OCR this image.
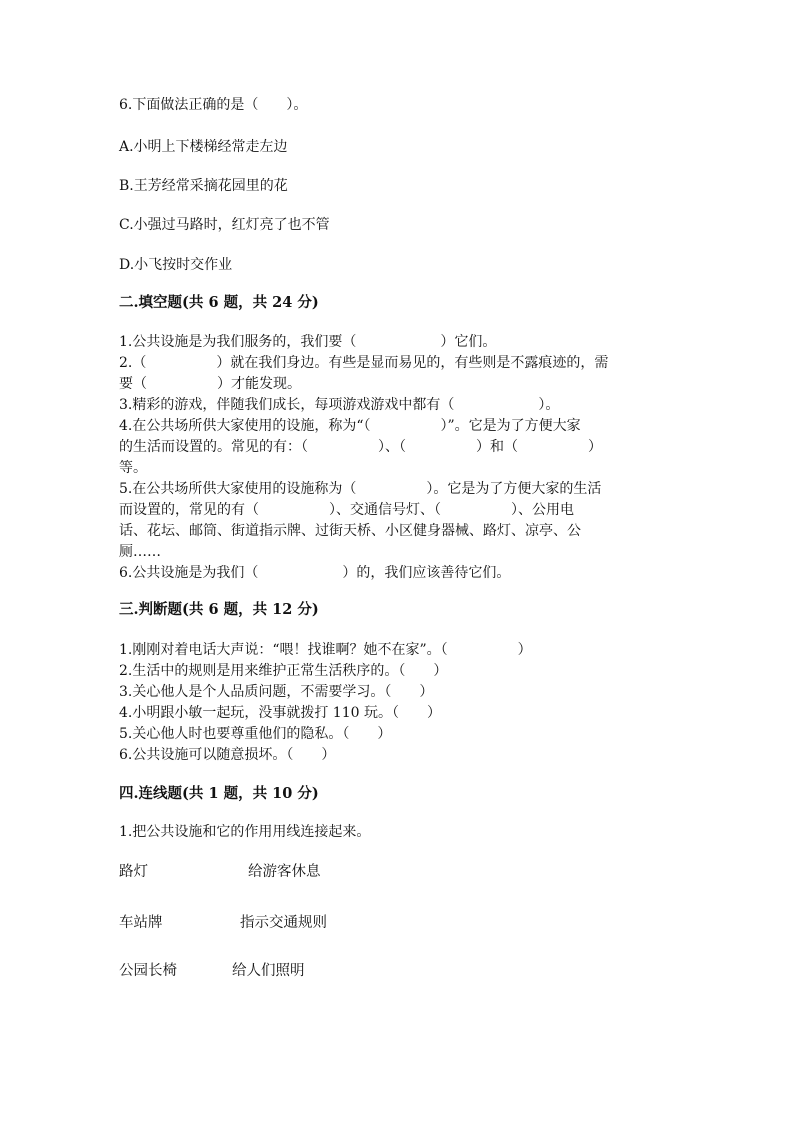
6.下面做法正确的是（　　）。
A.小明上下楼梯经常走左边
B.王芳经常采摘花园里的花
C.小强过马路时，红灯亮了也不管
D.小飞按时交作业
二.填空题(共 6 题，共 24 分)
1.公共设施是为我们服务的，我们要（　　　　　　）它们。
2.（　　　　　）就在我们身边。有些是显而易见的，有些则是不露痕迹的，需
要（　　　　　）才能发现。
3.精彩的游戏，伴随我们成长，每项游戏游戏中都有（　　　　　　）。
4.在公共场所供大家使用的设施，称为“（　　　　　）”。它是为了方便大家
的生活而设置的。常见的有：（　　　　　）、（　　　　　）和（　　　　　）
等。
5.在公共场所供大家使用的设施称为（　　　　　）。它是为了方便大家的生活
而设置的，常见的有（　　　　　）、交通信号灯、（　　　　　）、公用电
话、花坛、邮筒、街道指示牌、过街天桥、小区健身器械、路灯、凉亭、公
厕……
6.公共设施是为我们（　　　　　　）的，我们应该善待它们。
三.判断题(共 6 题，共 12 分)
1.刚刚对着电话大声说：“喂！找谁啊？她不在家”。（　　　　　）
2.生活中的规则是用来维护正常生活秩序的。（　　）
3.关心他人是个人品质问题，不需要学习。（　　）
4.小明跟小敏一起玩，没事就拨打 110 玩。（　　）
5.关心他人时也要尊重他们的隐私。（　　）
6.公共设施可以随意损坏。（　　）
四.连线题(共 1 题，共 10 分)
1.把公共设施和它的作用用线连接起来。
路灯	给游客休息
车站牌	指示交通规则
公园长椅	给人们照明
